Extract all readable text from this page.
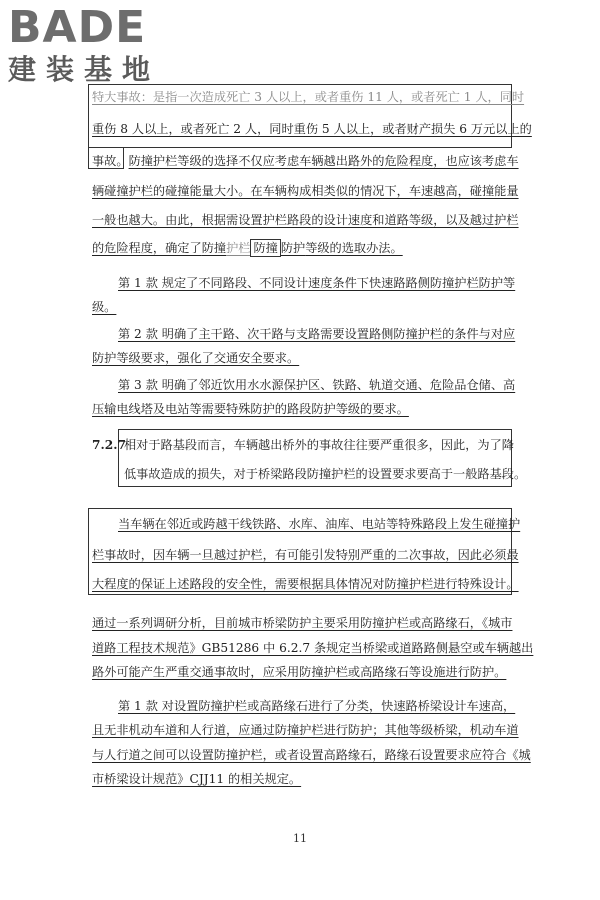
BADE
建装基地
特大事故：是指一次造成死亡 3 人以上，或者重伤 11 人，或者死亡 1 人，同时
重伤 8 人以上，或者死亡 2 人，同时重伤 5 人以上，或者财产损失 6 万元以上的
事故。防撞护栏等级的选择不仅应考虑车辆越出路外的危险程度，也应该考虑车
辆碰撞护栏的碰撞能量大小。在车辆构成相类似的情况下，车速越高，碰撞能量
一般也越大。由此，根据需设置护栏路段的设计速度和道路等级，以及越过护栏
的危险程度，确定了防撞护栏 防撞 防护等级的选取办法。
第 1 款 规定了不同路段、不同设计速度条件下快速路路侧防撞护栏防护等
级。
第 2 款 明确了主干路、次干路与支路需要设置路侧防撞护栏的条件与对应
防护等级要求，强化了交通安全要求。
第 3 款 明确了邻近饮用水水源保护区、铁路、轨道交通、危险品仓储、高
压输电线塔及电站等需要特殊防护的路段防护等级的要求。
7.2.7
相对于路基段而言，车辆越出桥外的事故往往要严重很多，因此，为了降
低事故造成的损失，对于桥梁路段防撞护栏的设置要求要高于一般路基段。
当车辆在邻近或跨越干线铁路、水库、油库、电站等特殊路段上发生碰撞护
栏事故时，因车辆一旦越过护栏，有可能引发特别严重的二次事故，因此必须最
大程度的保证上述路段的安全性，需要根据具体情况对防撞护栏进行特殊设计。
通过一系列调研分析，目前城市桥梁防护主要采用防撞护栏或高路缘石，《城市
道路工程技术规范》GB51286 中 6.2.7 条规定当桥梁或道路路侧悬空或车辆越出
路外可能产生严重交通事故时，应采用防撞护栏或高路缘石等设施进行防护。
第 1 款 对设置防撞护栏或高路缘石进行了分类，快速路桥梁设计车速高，
且无非机动车道和人行道，应通过防撞护栏进行防护；其他等级桥梁，机动车道
与人行道之间可以设置防撞护栏，或者设置高路缘石，路缘石设置要求应符合《城
市桥梁设计规范》CJJ11 的相关规定。
11
